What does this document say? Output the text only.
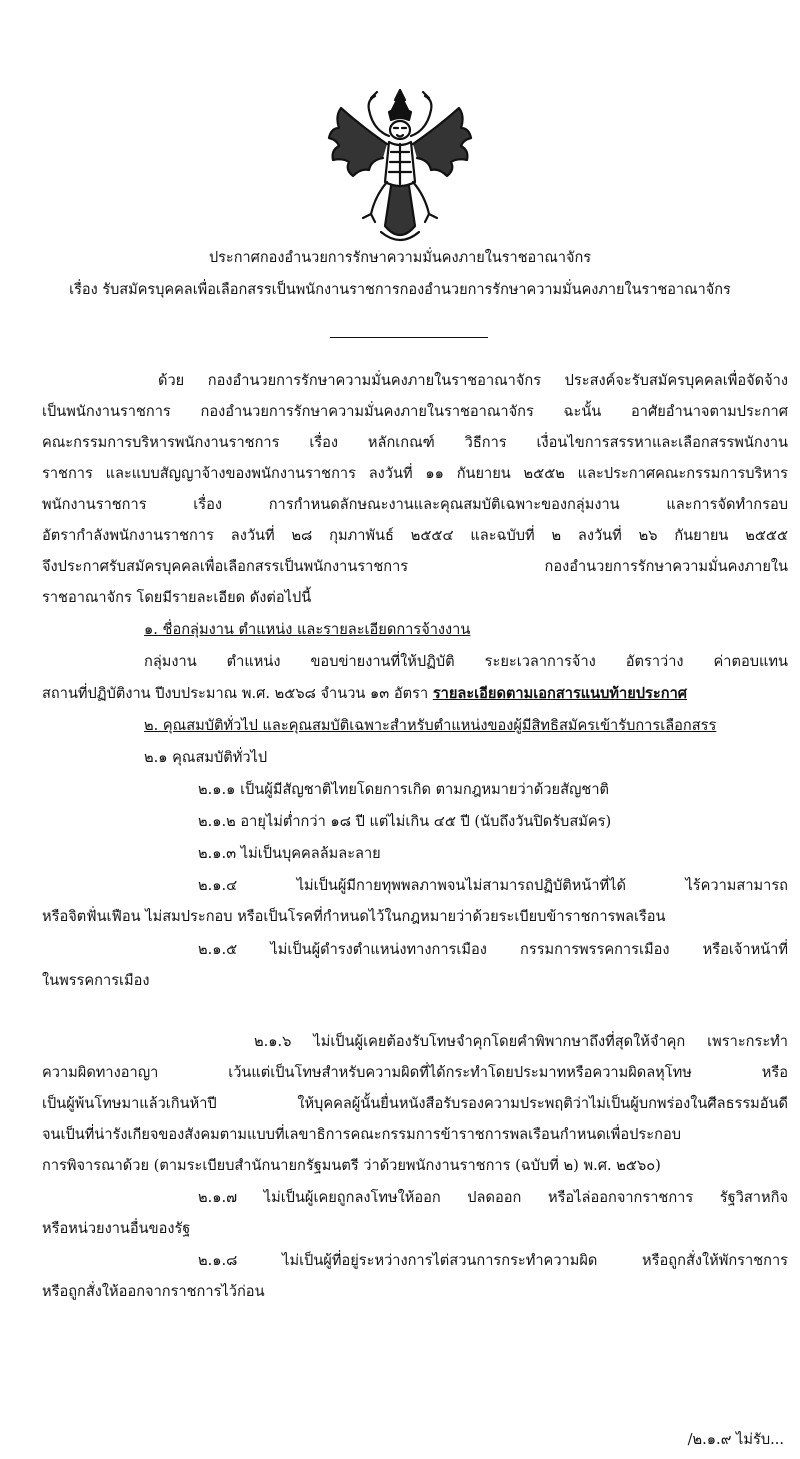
ประกาศกองอำนวยการรักษาความมั่นคงภายในราชอาณาจักร
เรื่อง รับสมัครบุคคลเพื่อเลือกสรรเป็นพนักงานราชการกองอำนวยการรักษาความมั่นคงภายในราชอาณาจักร
ด้วย กองอำนวยการรักษาความมั่นคงภายในราชอาณาจักร ประสงค์จะรับสมัครบุคคลเพื่อจัดจ้าง
เป็นพนักงานราชการ กองอำนวยการรักษาความมั่นคงภายในราชอาณาจักร ฉะนั้น อาศัยอำนาจตามประกาศ
คณะกรรมการบริหารพนักงานราชการ เรื่อง หลักเกณฑ์ วิธีการ เงื่อนไขการสรรหาและเลือกสรรพนักงาน
ราชการ และแบบสัญญาจ้างของพนักงานราชการ ลงวันที่ ๑๑ กันยายน ๒๕๕๒ และประกาศคณะกรรมการบริหาร
พนักงานราชการ เรื่อง การกำหนดลักษณะงานและคุณสมบัติเฉพาะของกลุ่มงาน และการจัดทำกรอบ
อัตรากำลังพนักงานราชการ ลงวันที่ ๒๘ กุมภาพันธ์ ๒๕๕๔ และฉบับที่ ๒ ลงวันที่ ๒๖ กันยายน ๒๕๕๕
จึงประกาศรับสมัครบุคคลเพื่อเลือกสรรเป็นพนักงานราชการ กองอำนวยการรักษาความมั่นคงภายใน
ราชอาณาจักร โดยมีรายละเอียด ดังต่อไปนี้
๑. ชื่อกลุ่มงาน ตำแหน่ง และรายละเอียดการจ้างงาน
กลุ่มงาน ตำแหน่ง ขอบข่ายงานที่ให้ปฏิบัติ ระยะเวลาการจ้าง อัตราว่าง ค่าตอบแทน
สถานที่ปฏิบัติงาน ปีงบประมาณ พ.ศ. ๒๕๖๘ จำนวน ๑๓ อัตรา รายละเอียดตามเอกสารแนบท้ายประกาศ
๒. คุณสมบัติทั่วไป และคุณสมบัติเฉพาะสำหรับตำแหน่งของผู้มีสิทธิสมัครเข้ารับการเลือกสรร
๒.๑ คุณสมบัติทั่วไป
๒.๑.๑ เป็นผู้มีสัญชาติไทยโดยการเกิด ตามกฎหมายว่าด้วยสัญชาติ
๒.๑.๒ อายุไม่ต่ำกว่า ๑๘ ปี แต่ไม่เกิน ๔๕ ปี (นับถึงวันปิดรับสมัคร)
๒.๑.๓ ไม่เป็นบุคคลล้มละลาย
๒.๑.๔ ไม่เป็นผู้มีกายทุพพลภาพจนไม่สามารถปฏิบัติหน้าที่ได้ ไร้ความสามารถ
หรือจิตฟั่นเฟือน ไม่สมประกอบ หรือเป็นโรคที่กำหนดไว้ในกฎหมายว่าด้วยระเบียบข้าราชการพลเรือน
๒.๑.๕ ไม่เป็นผู้ดำรงตำแหน่งทางการเมือง กรรมการพรรคการเมือง หรือเจ้าหน้าที่
ในพรรคการเมือง
๒.๑.๖ ไม่เป็นผู้เคยต้องรับโทษจำคุกโดยคำพิพากษาถึงที่สุดให้จำคุก เพราะกระทำ
ความผิดทางอาญา เว้นแต่เป็นโทษสำหรับความผิดที่ได้กระทำโดยประมาทหรือความผิดลหุโทษ หรือ
เป็นผู้พ้นโทษมาแล้วเกินห้าปี ให้บุคคลผู้นั้นยื่นหนังสือรับรองความประพฤติว่าไม่เป็นผู้บกพร่องในศีลธรรมอันดี
จนเป็นที่น่ารังเกียจของสังคมตามแบบที่เลขาธิการคณะกรรมการข้าราชการพลเรือนกำหนดเพื่อประกอบ
การพิจารณาด้วย (ตามระเบียบสำนักนายกรัฐมนตรี ว่าด้วยพนักงานราชการ (ฉบับที่ ๒) พ.ศ. ๒๕๖๐)
๒.๑.๗ ไม่เป็นผู้เคยถูกลงโทษให้ออก ปลดออก หรือไล่ออกจากราชการ รัฐวิสาหกิจ
หรือหน่วยงานอื่นของรัฐ
๒.๑.๘ ไม่เป็นผู้ที่อยู่ระหว่างการไต่สวนการกระทำความผิด หรือถูกสั่งให้พักราชการ
หรือถูกสั่งให้ออกจากราชการไว้ก่อน
/๒.๑.๙ ไม่รับ...
